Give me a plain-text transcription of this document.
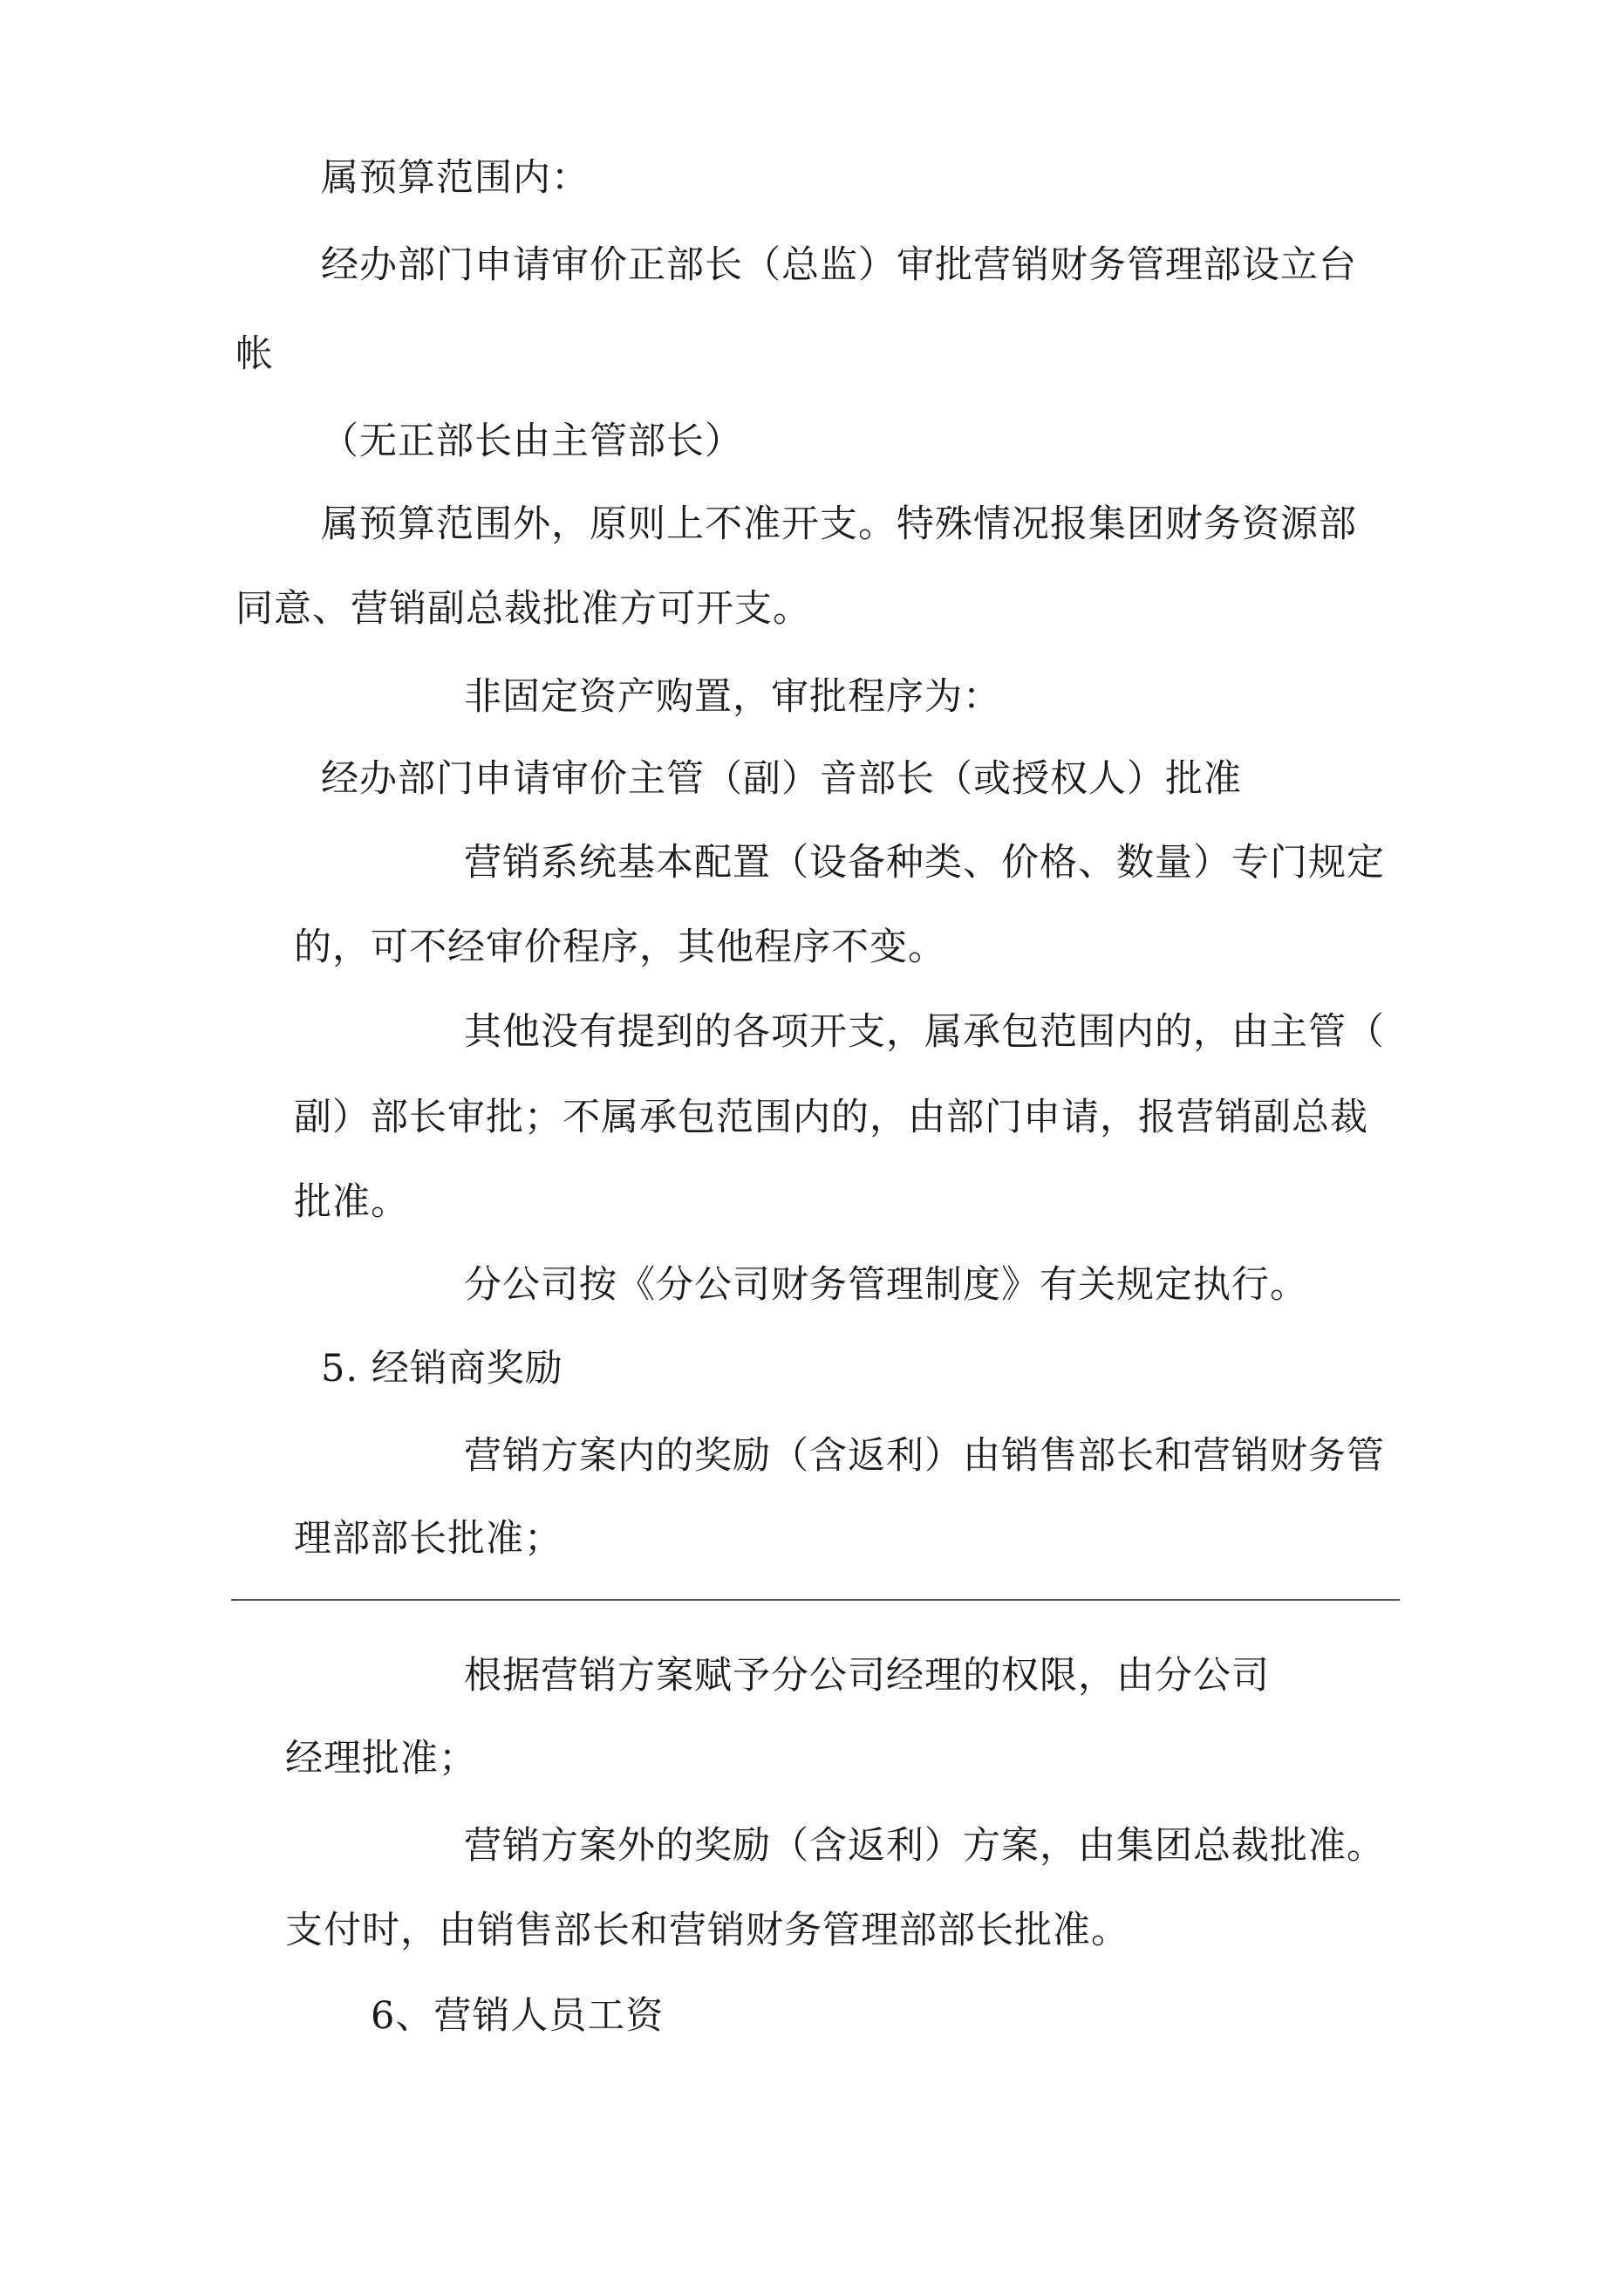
属预算范围内：

经办部门申请审价正部长（总监）审批营销财务管理部设立台

帐

（无正部长由主管部长）

属预算范围外，原则上不准开支。特殊情况报集团财务资源部

同意、营销副总裁批准方可开支。

非固定资产购置，审批程序为：

经办部门申请审价主管（副）音部长（或授权人）批准

营销系统基本配置（设备种类、价格、数量）专门规定

的，可不经审价程序，其他程序不变。

其他没有提到的各项开支，属承包范围内的，由主管（

副）部长审批；不属承包范围内的，由部门申请，报营销副总裁

批准。

分公司按《分公司财务管理制度》有关规定执行。

5. 经销商奖励

营销方案内的奖励（含返利）由销售部长和营销财务管

理部部长批准；

根据营销方案赋予分公司经理的权限，由分公司

经理批准；

营销方案外的奖励（含返利）方案，由集团总裁批准。

支付时，由销售部长和营销财务管理部部长批准。

6、营销人员工资
